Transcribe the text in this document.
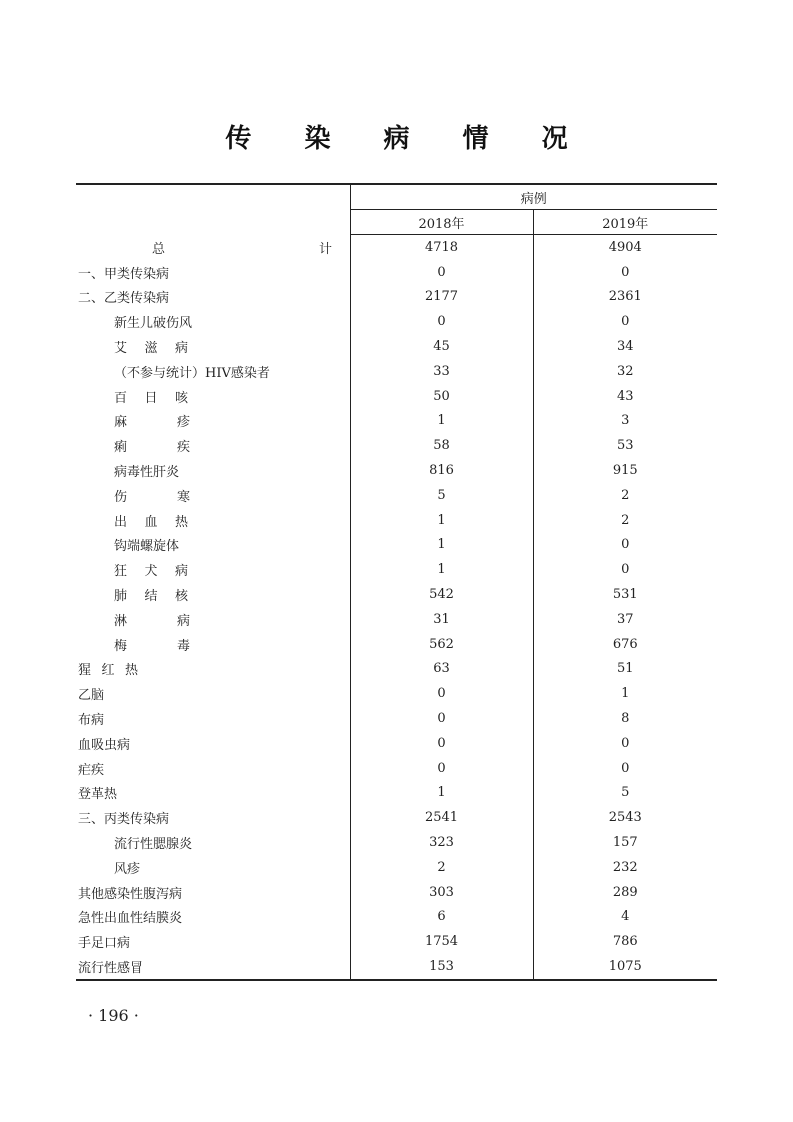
传 染 病 情 况
	病例	
	2018年	2019年

总计	4718	4904
一、甲类传染病	0	0
二、乙类传染病	2177	2361
新生儿破伤风	0	0

艾滋病	45	34
（不参与统计）HIV感染者	33	32

百日咳	50	43

麻疹	1	3

痢疾	58	53
病毒性肝炎	816	915

伤寒	5	2

出血热	1	2
钩端螺旋体	1	0

狂犬病	1	0

肺结核	542	531

淋病	31	37

梅毒	562	676

猩红热	63	51
乙脑	0	1
布病	0	8
血吸虫病	0	0
疟疾	0	0
登革热	1	5
三、丙类传染病	2541	2543
流行性腮腺炎	323	157
风疹	2	232
其他感染性腹泻病	303	289
急性出血性结膜炎	6	4
手足口病	1754	786
流行性感冒	153	1075
· 196 ·
